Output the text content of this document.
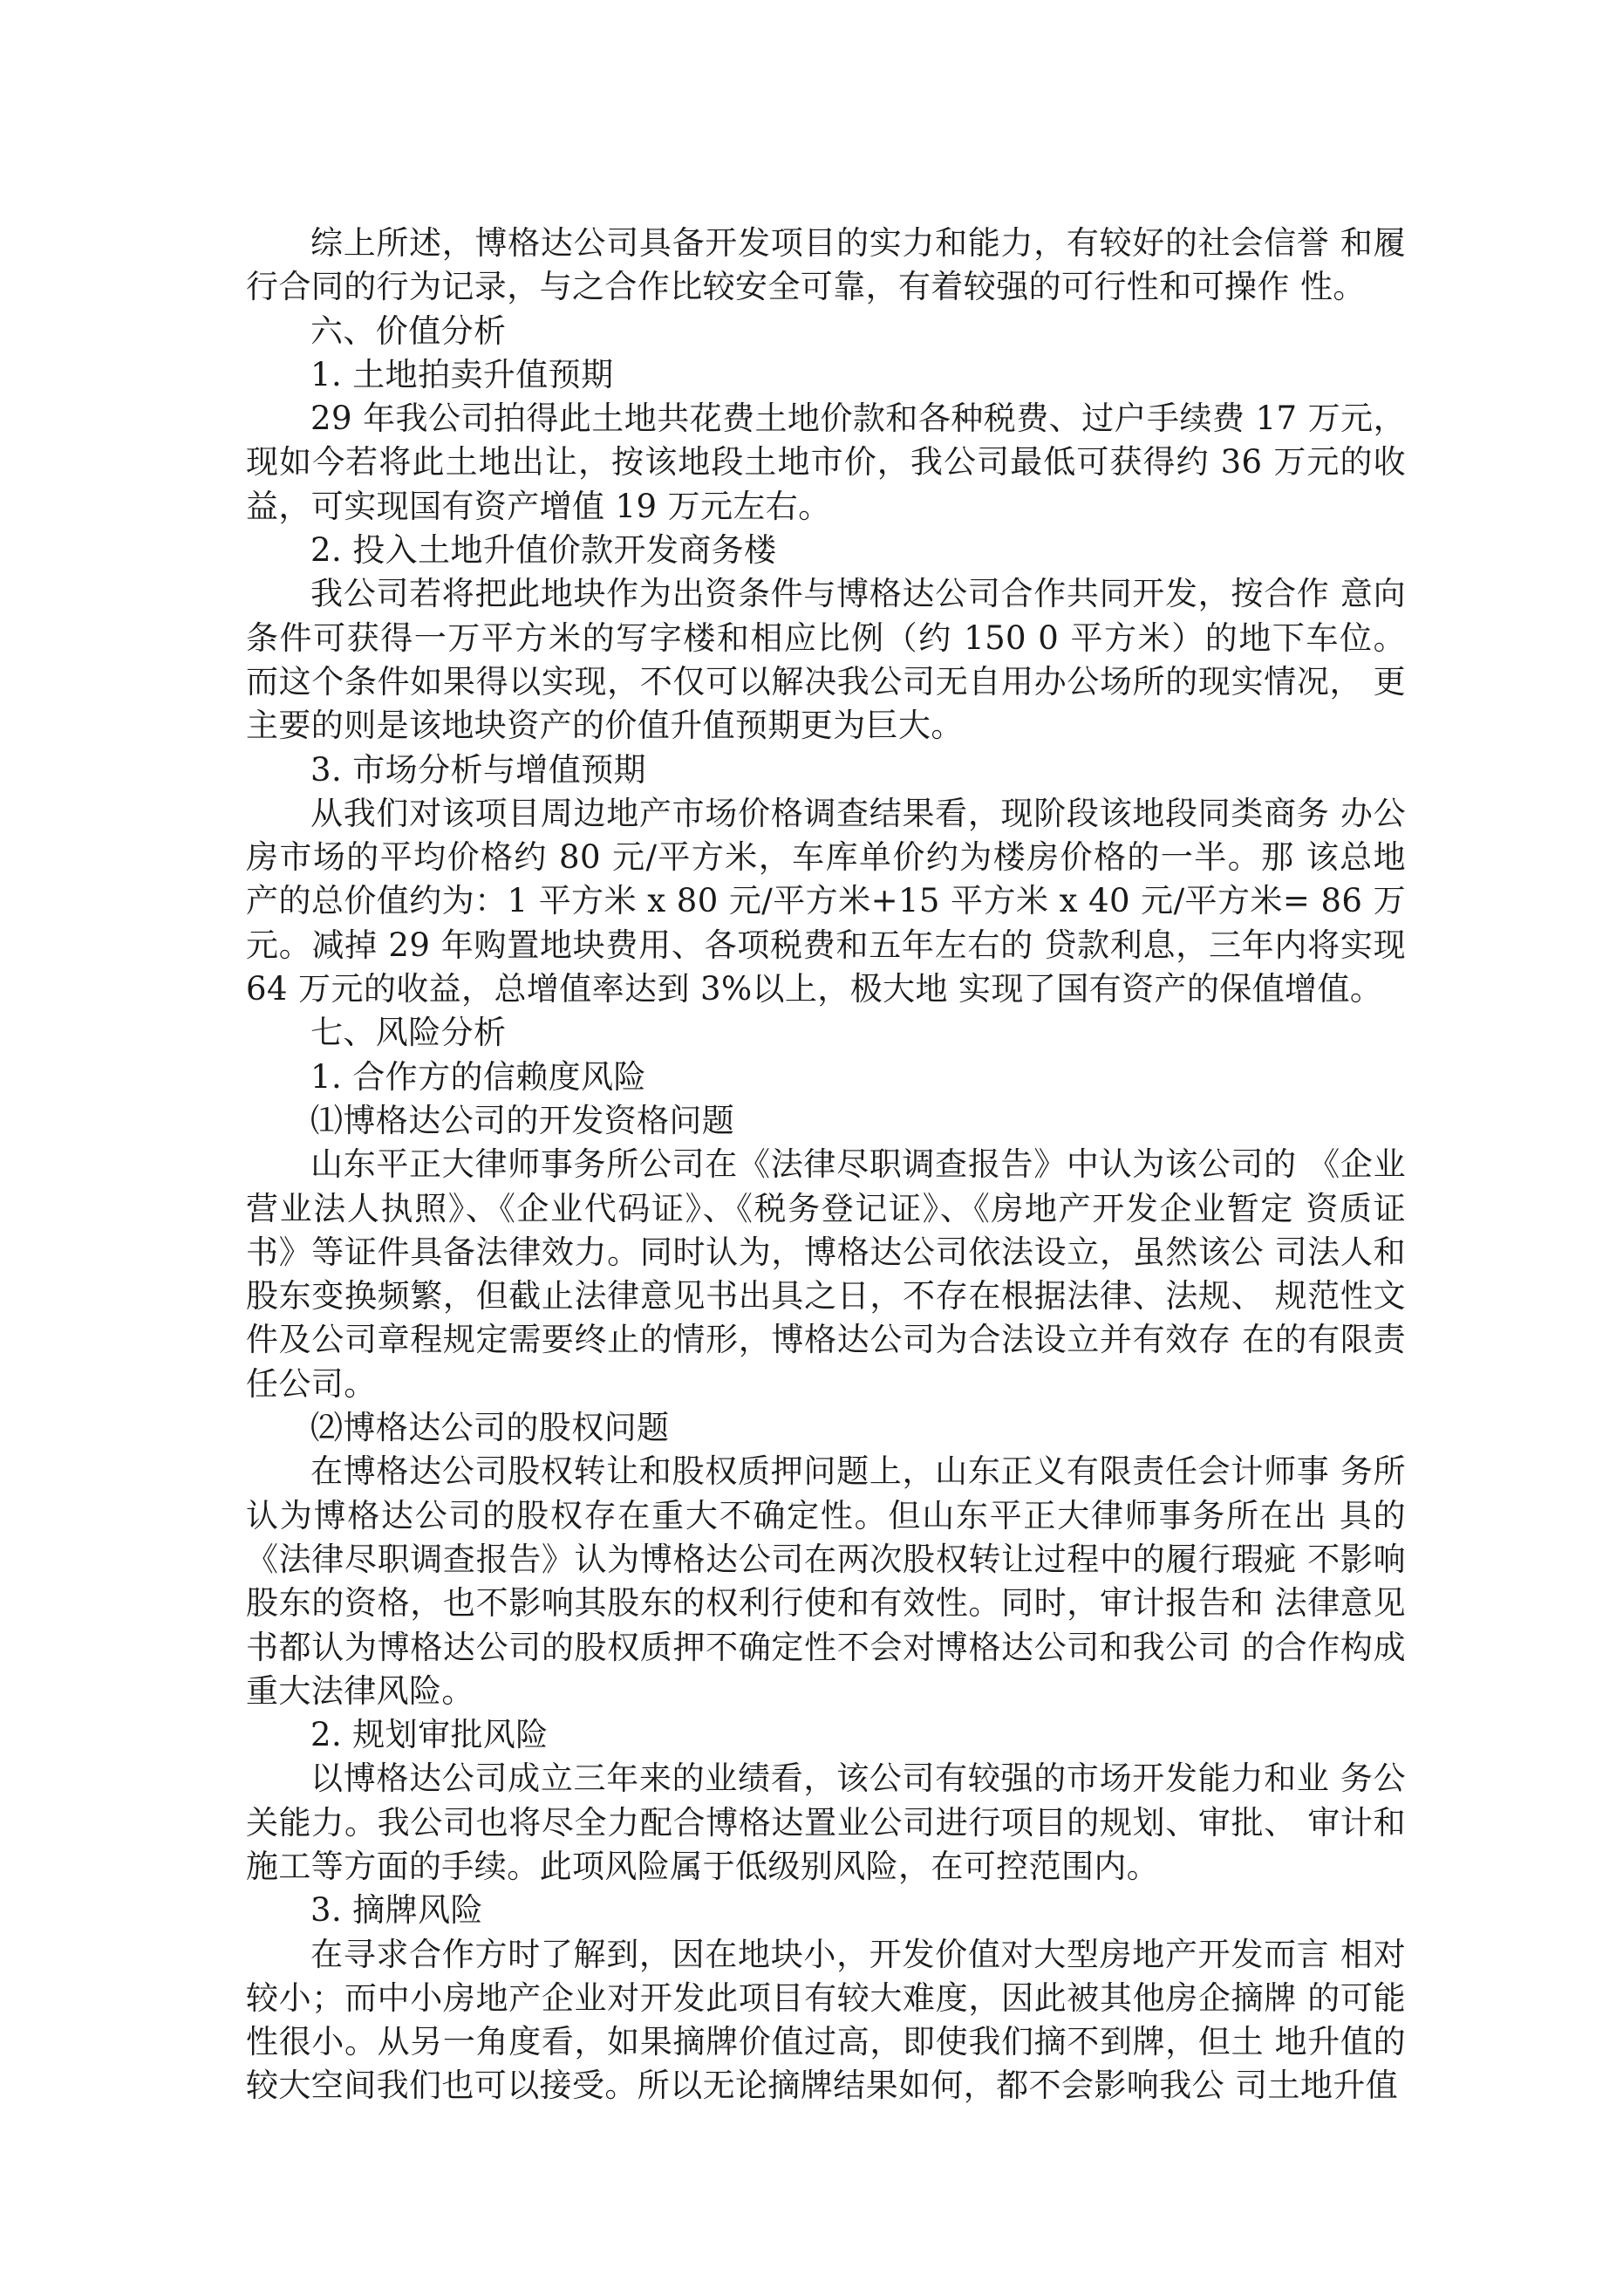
综上所述，博格达公司具备开发项目的实力和能力，有较好的社会信誉 和履行合同的行为记录，与之合作比较安全可靠，有着较强的可行性和可操作 性。

六、价值分析

1. 土地拍卖升值预期

29 年我公司拍得此土地共花费土地价款和各种税费、过户手续费 17 万元，现如今若将此土地出让，按该地段土地市价，我公司最低可获得约 36 万元的收益，可实现国有资产增值 19 万元左右。

2. 投入土地升值价款开发商务楼

我公司若将把此地块作为出资条件与博格达公司合作共同开发，按合作 意向条件可获得一万平方米的写字楼和相应比例（约 150 0 平方米）的地下车位。 而这个条件如果得以实现，不仅可以解决我公司无自用办公场所的现实情况， 更主要的则是该地块资产的价值升值预期更为巨大。

3. 市场分析与增值预期

从我们对该项目周边地产市场价格调查结果看，现阶段该地段同类商务 办公房市场的平均价格约 80 元/平方米，车库单价约为楼房价格的一半。那 该总地产的总价值约为：1 平方米 x 80 元/平方米+15 平方米 x 40 元/平方米= 86 万元。减掉 29 年购置地块费用、各项税费和五年左右的 贷款利息，三年内将实现 64 万元的收益，总增值率达到 3%以上，极大地 实现了国有资产的保值增值。

七、风险分析

1. 合作方的信赖度风险

⑴博格达公司的开发资格问题

山东平正大律师事务所公司在《法律尽职调查报告》中认为该公司的 《企业营业法人执照》、《企业代码证》、《税务登记证》、《房地产开发企业暂定 资质证书》等证件具备法律效力。同时认为，博格达公司依法设立，虽然该公 司法人和股东变换频繁，但截止法律意见书出具之日，不存在根据法律、法规、 规范性文件及公司章程规定需要终止的情形，博格达公司为合法设立并有效存 在的有限责任公司。

⑵博格达公司的股权问题

在博格达公司股权转让和股权质押问题上，山东正义有限责任会计师事 务所认为博格达公司的股权存在重大不确定性。但山东平正大律师事务所在出 具的《法律尽职调查报告》认为博格达公司在两次股权转让过程中的履行瑕疵 不影响股东的资格，也不影响其股东的权利行使和有效性。同时，审计报告和 法律意见书都认为博格达公司的股权质押不确定性不会对博格达公司和我公司 的合作构成重大法律风险。

2. 规划审批风险

以博格达公司成立三年来的业绩看，该公司有较强的市场开发能力和业 务公关能力。我公司也将尽全力配合博格达置业公司进行项目的规划、审批、 审计和施工等方面的手续。此项风险属于低级别风险，在可控范围内。

3. 摘牌风险

在寻求合作方时了解到，因在地块小，开发价值对大型房地产开发而言 相对较小；而中小房地产企业对开发此项目有较大难度，因此被其他房企摘牌 的可能性很小。从另一角度看，如果摘牌价值过高，即使我们摘不到牌，但土 地升值的较大空间我们也可以接受。所以无论摘牌结果如何，都不会影响我公 司土地升值
